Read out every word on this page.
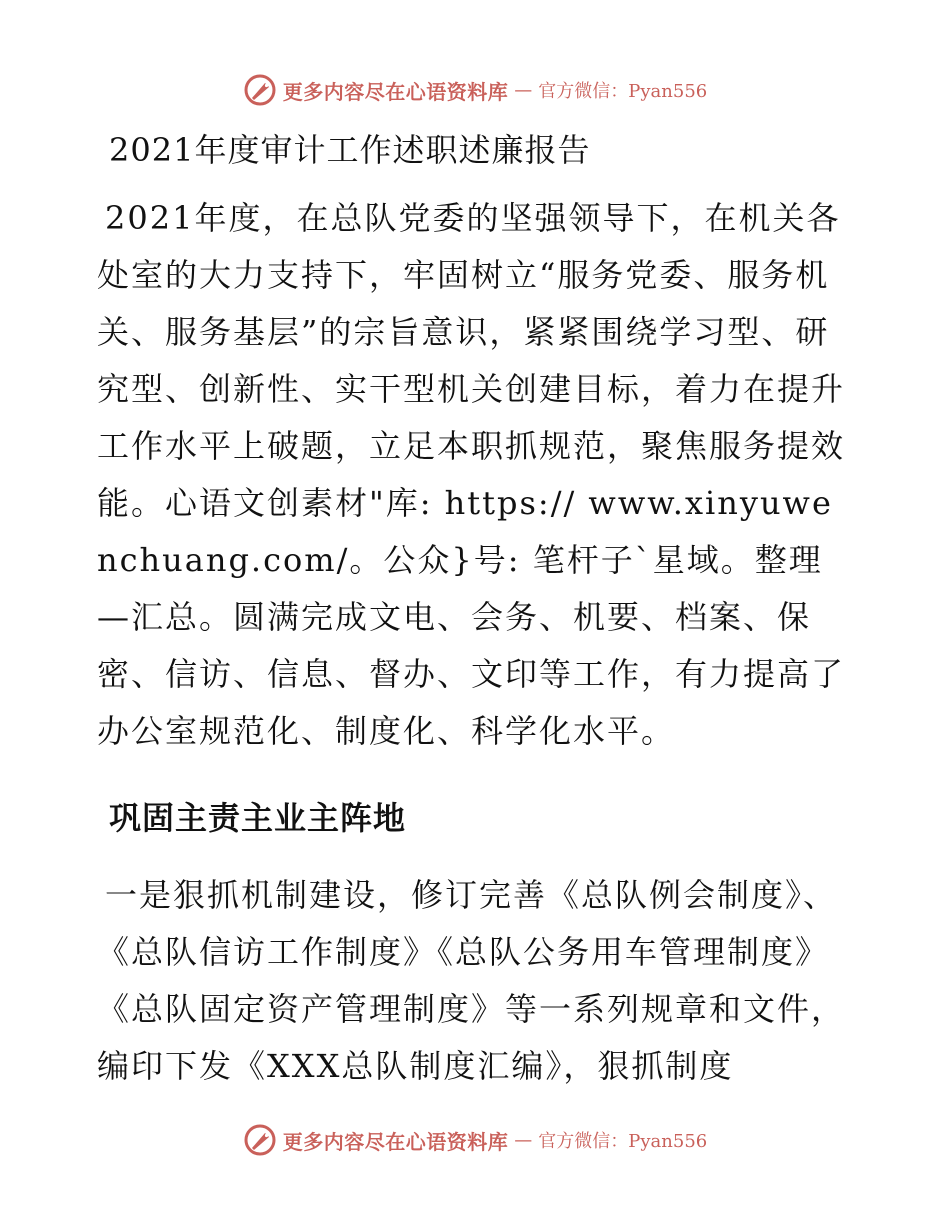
更多内容尽在心语资料库 — 官方微信：Pyan556
2021年度审计工作述职述廉报告

2021年度，在总队党委的坚强领导下，在机关各处室的大力支持下，牢固树立“服务党委、服务机关、服务基层”的宗旨意识，紧紧围绕学习型、研究型、创新性、实干型机关创建目标，着力在提升工作水平上破题，立足本职抓规范，聚焦服务提效能。心语文创素材"库: https:// www.xinyuwenchuang.com/。公众}号: 笔杆子`星域。整理—汇总。圆满完成文电、会务、机要、档案、保密、信访、信息、督办、文印等工作，有力提高了办公室规范化、制度化、科学化水平。

巩固主责主业主阵地

一是狠抓机制建设，修订完善《总队例会制度》、《总队信访工作制度》《总队公务用车管理制度》《总队固定资产管理制度》等一系列规章和文件，编印下发《XXX总队制度汇编》，狠抓制度

更多内容尽在心语资料库 — 官方微信：Pyan556
